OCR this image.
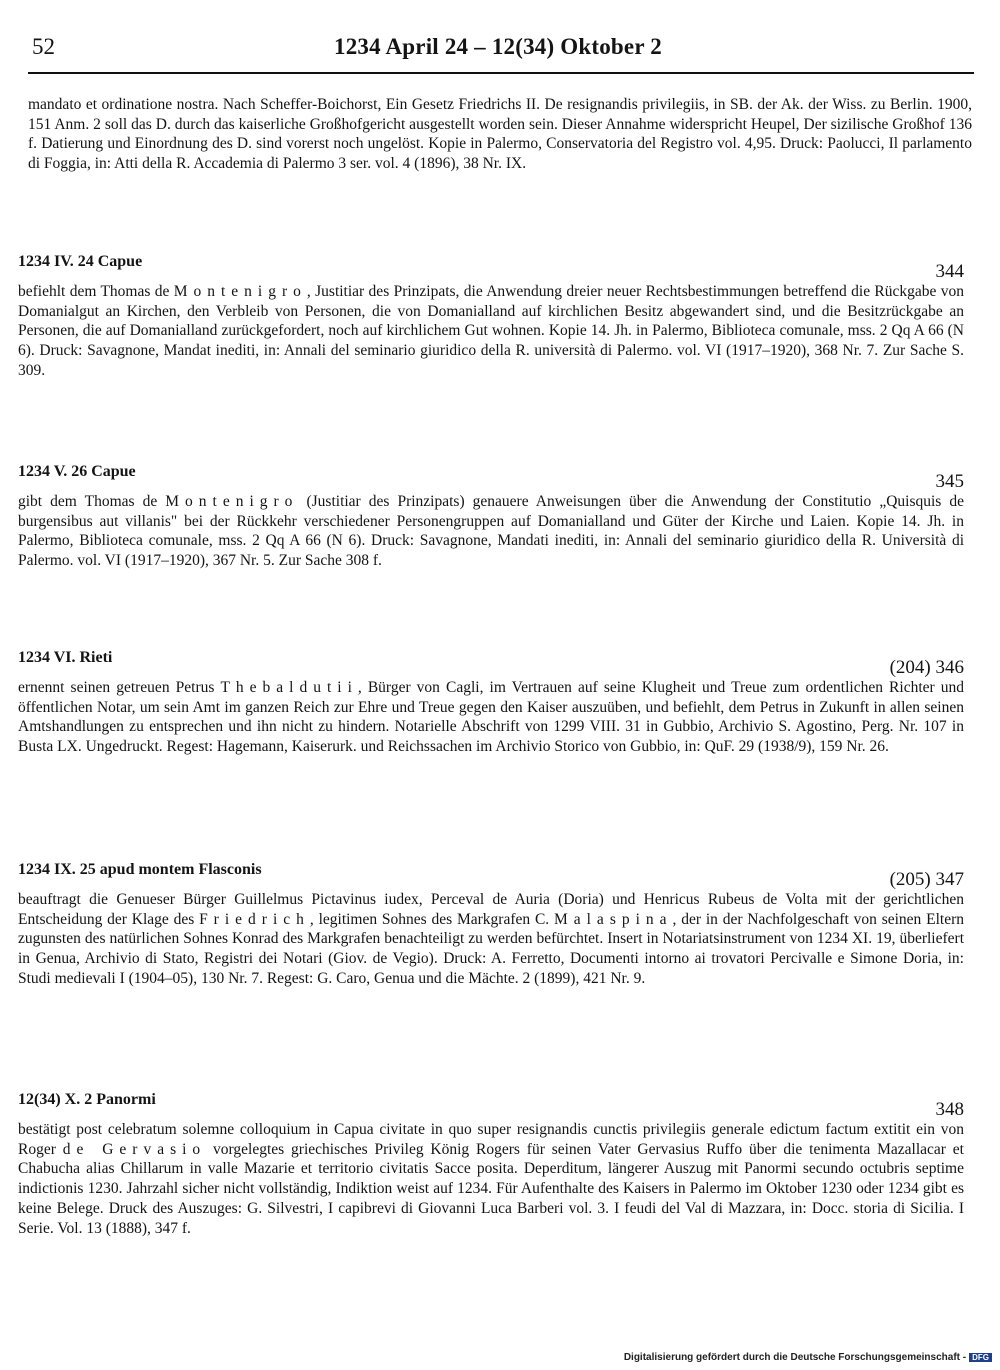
52	1234 April 24 – 12(34) Oktober 2
mandato et ordinatione nostra. Nach Scheffer-Boichorst, Ein Gesetz Friedrichs II. De resignandis privilegiis, in SB. der Ak. der Wiss. zu Berlin. 1900, 151 Anm. 2 soll das D. durch das kaiserliche Großhofgericht ausgestellt worden sein. Dieser Annahme widerspricht Heupel, Der sizilische Großhof 136 f. Datierung und Einordnung des D. sind vorerst noch ungelöst. Kopie in Palermo, Conservatoria del Registro vol. 4,95. Druck: Paolucci, Il parlamento di Foggia, in: Atti della R. Accademia di Palermo 3 ser. vol. 4 (1896), 38 Nr. IX.
1234 IV. 24 Capue	344
befiehlt dem Thomas de Montenigro, Justitiar des Prinzipats, die Anwendung dreier neuer Rechtsbestimmungen betreffend die Rückgabe von Domanialgut an Kirchen, den Verbleib von Personen, die von Domanialland auf kirchlichen Besitz abgewandert sind, und die Besitzrückgabe an Personen, die auf Domanialland zurückgefordert, noch auf kirchlichem Gut wohnen. Kopie 14. Jh. in Palermo, Biblioteca comunale, mss. 2 Qq A 66 (N 6). Druck: Savagnone, Mandat inediti, in: Annali del seminario giuridico della R. università di Palermo. vol. VI (1917–1920), 368 Nr. 7. Zur Sache S. 309.
1234 V. 26 Capue	345
gibt dem Thomas de Montenigro (Justitiar des Prinzipats) genauere Anweisungen über die Anwendung der Constitutio „Quisquis de burgensibus aut villanis" bei der Rückkehr verschiedener Personengruppen auf Domanialland und Güter der Kirche und Laien. Kopie 14. Jh. in Palermo, Biblioteca comunale, mss. 2 Qq A 66 (N 6). Druck: Savagnone, Mandati inediti, in: Annali del seminario giuridico della R. Università di Palermo. vol. VI (1917–1920), 367 Nr. 5. Zur Sache 308 f.
1234 VI. Rieti	(204) 346
ernennt seinen getreuen Petrus Thebaldutii, Bürger von Cagli, im Vertrauen auf seine Klugheit und Treue zum ordentlichen Richter und öffentlichen Notar, um sein Amt im ganzen Reich zur Ehre und Treue gegen den Kaiser auszuüben, und befiehlt, dem Petrus in Zukunft in allen seinen Amtshandlungen zu entsprechen und ihn nicht zu hindern. Notarielle Abschrift von 1299 VIII. 31 in Gubbio, Archivio S. Agostino, Perg. Nr. 107 in Busta LX. Ungedruckt. Regest: Hagemann, Kaiserurk. und Reichssachen im Archivio Storico von Gubbio, in: QuF. 29 (1938/9), 159 Nr. 26.
1234 IX. 25 apud montem Flasconis	(205) 347
beauftragt die Genueser Bürger Guillelmus Pictavinus iudex, Perceval de Auria (Doria) und Henricus Rubeus de Volta mit der gerichtlichen Entscheidung der Klage des Friedrich, legitimen Sohnes des Markgrafen C. Malaspina, der in der Nachfolgeschaft von seinen Eltern zugunsten des natürlichen Sohnes Konrad des Markgrafen benachteiligt zu werden befürchtet. Insert in Notariatsinstrument von 1234 XI. 19, überliefert in Genua, Archivio di Stato, Registri dei Notari (Giov. de Vegio). Druck: A. Ferretto, Documenti intorno ai trovatori Percivalle e Simone Doria, in: Studi medievali I (1904–05), 130 Nr. 7. Regest: G. Caro, Genua und die Mächte. 2 (1899), 421 Nr. 9.
12(34) X. 2 Panormi	348
bestätigt post celebratum solemne colloquium in Capua civitate in quo super resignandis cunctis privilegiis generale edictum factum extitit ein von Roger de Gervasio vorgelegtes griechisches Privileg König Rogers für seinen Vater Gervasius Ruffo über die tenimenta Mazallacar et Chabucha alias Chillarum in valle Mazarie et territorio civitatis Sacce posita. Deperditum, längerer Auszug mit Panormi secundo octubris septime indictionis 1230. Jahrzahl sicher nicht vollständig, Indiktion weist auf 1234. Für Aufenthalte des Kaisers in Palermo im Oktober 1230 oder 1234 gibt es keine Belege. Druck des Auszuges: G. Silvestri, I capibrevi di Giovanni Luca Barberi vol. 3. I feudi del Val di Mazzara, in: Docc. storia di Sicilia. I Serie. Vol. 13 (1888), 347 f.
Digitalisierung gefördert durch die Deutsche Forschungsgemeinschaft - DFG
